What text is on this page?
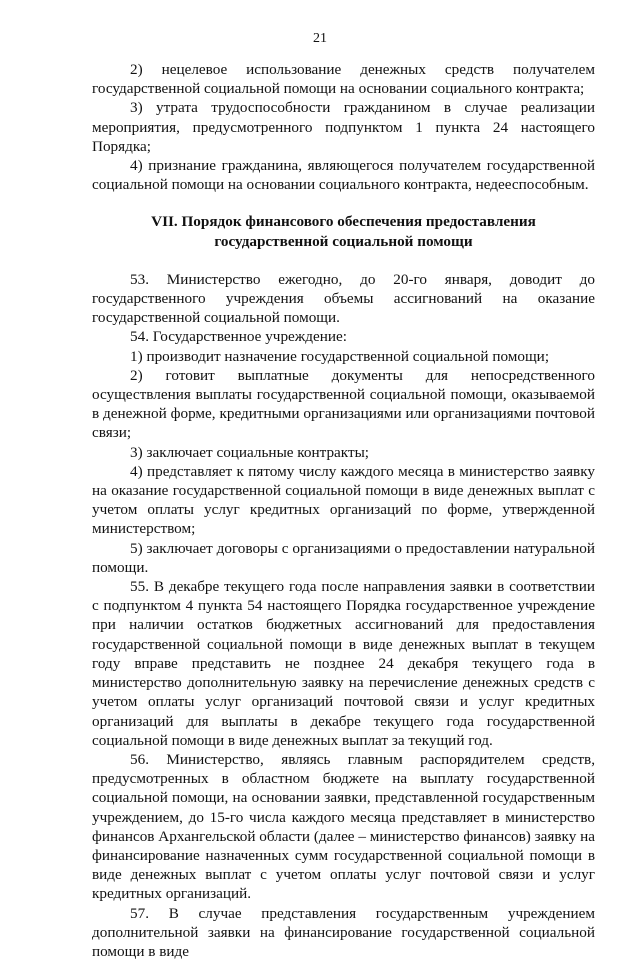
21

2) нецелевое использование денежных средств получателем государственной социальной помощи на основании социального контракта;

3) утрата трудоспособности гражданином в случае реализации мероприятия, предусмотренного подпунктом 1 пункта 24 настоящего Порядка;

4) признание гражданина, являющегося получателем государственной социальной помощи на основании социального контракта, недееспособным.

VII. Порядок финансового обеспечения предоставления
государственной социальной помощи

53. Министерство ежегодно, до 20-го января, доводит до государственного учреждения объемы ассигнований на оказание государственной социальной помощи.

54. Государственное учреждение:

1) производит назначение государственной социальной помощи;

2) готовит выплатные документы для непосредственного осуществления выплаты государственной социальной помощи, оказываемой в денежной форме, кредитными организациями или организациями почтовой связи;

3) заключает социальные контракты;

4) представляет к пятому числу каждого месяца в министерство заявку на оказание государственной социальной помощи в виде денежных выплат с учетом оплаты услуг кредитных организаций по форме, утвержденной министерством;

5) заключает договоры с организациями о предоставлении натуральной помощи.

55. В декабре текущего года после направления заявки в соответствии с подпунктом 4 пункта 54 настоящего Порядка государственное учреждение при наличии остатков бюджетных ассигнований для предоставления государственной социальной помощи в виде денежных выплат в текущем году вправе представить не позднее 24 декабря текущего года в министерство дополнительную заявку на перечисление денежных средств с учетом оплаты услуг организаций почтовой связи и услуг кредитных организаций для выплаты в декабре текущего года государственной социальной помощи в виде денежных выплат за текущий год.

56. Министерство, являясь главным распорядителем средств, предусмотренных в областном бюджете на выплату государственной социальной помощи, на основании заявки, представленной государственным учреждением, до 15-го числа каждого месяца представляет в министерство финансов Архангельской области (далее – министерство финансов) заявку на финансирование назначенных сумм государственной социальной помощи в виде денежных выплат с учетом оплаты услуг почтовой связи и услуг кредитных организаций.

57. В случае представления государственным учреждением дополнительной заявки на финансирование государственной социальной помощи в виде
